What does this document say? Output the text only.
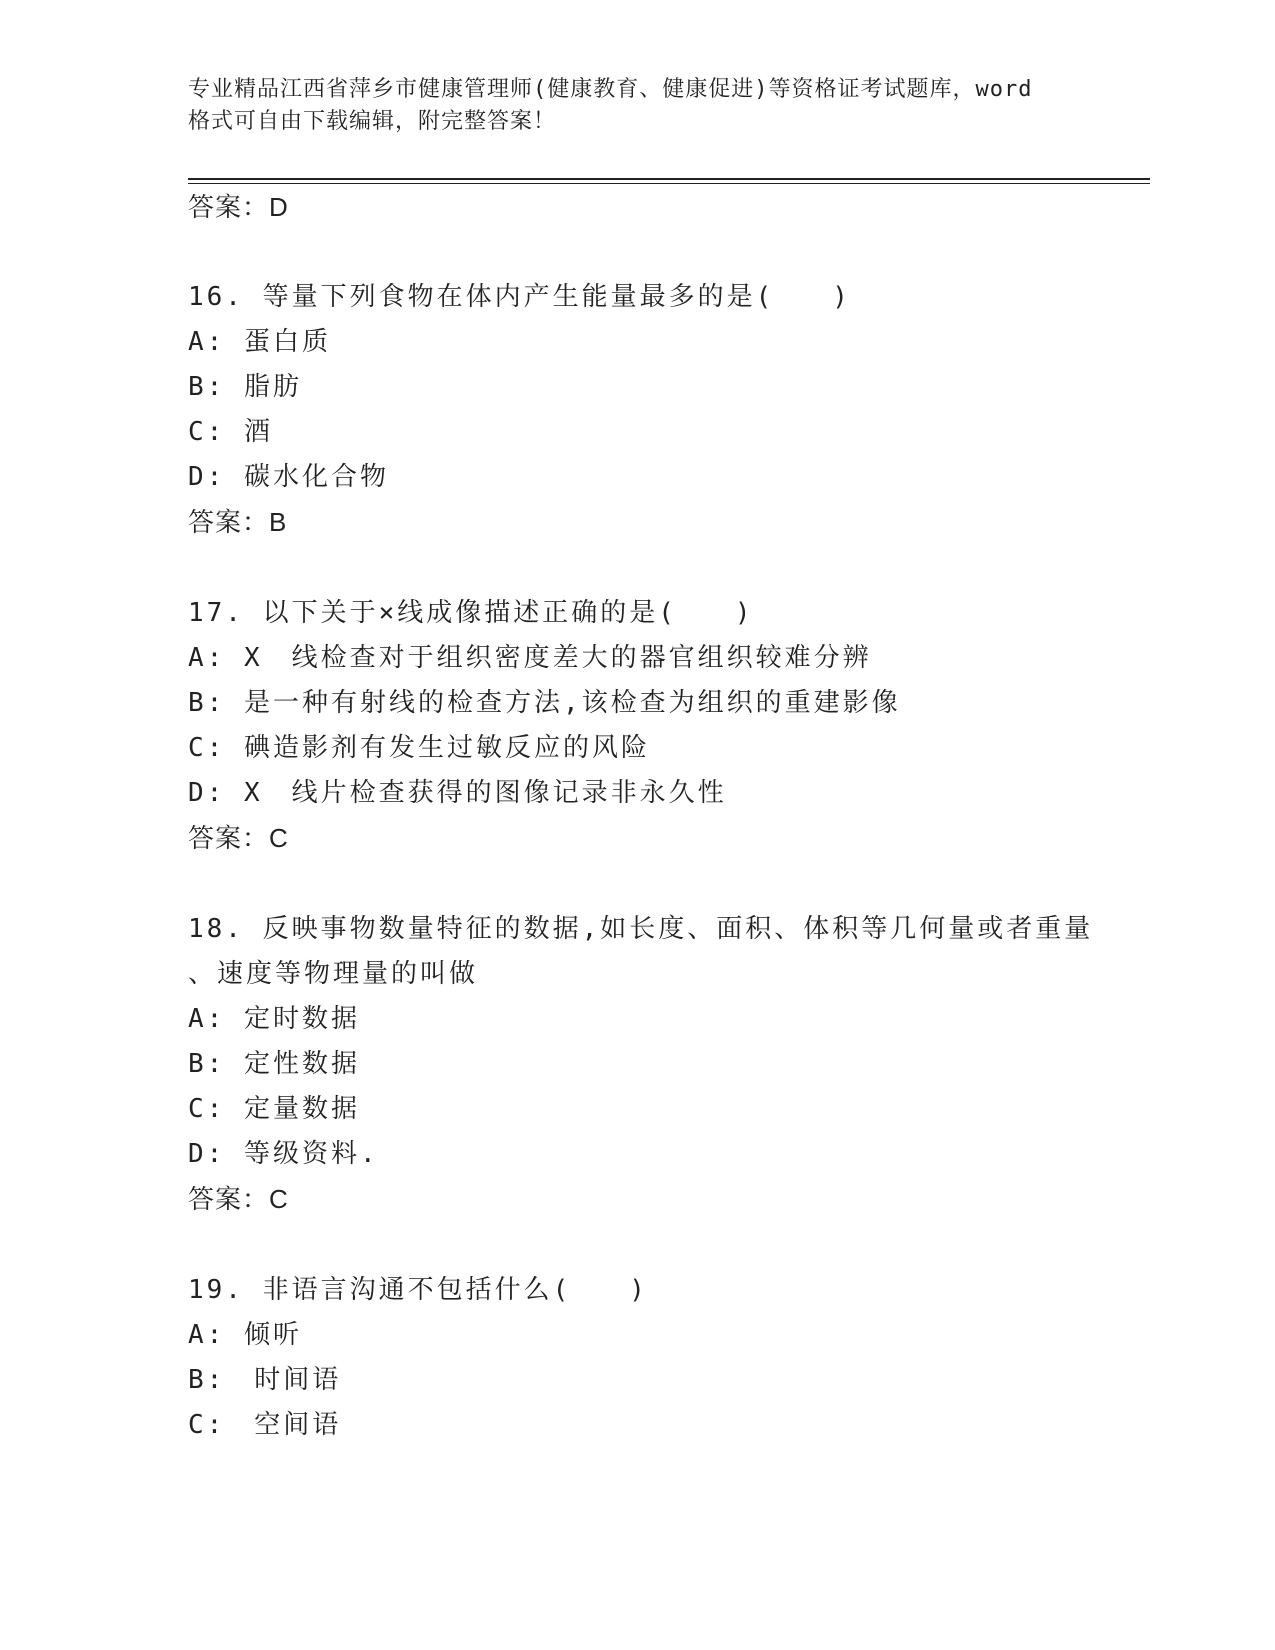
专业精品江西省萍乡市健康管理师(健康教育、健康促进)等资格证考试题库，word
格式可自由下载编辑，附完整答案！
答案：D
16. 等量下列食物在体内产生能量最多的是(　　)
A: 蛋白质
B: 脂肪
C: 酒
D: 碳水化合物
答案：B
17. 以下关于×线成像描述正确的是(　　)
A: X　线检查对于组织密度差大的器官组织较难分辨
B: 是一种有射线的检查方法,该检查为组织的重建影像
C: 碘造影剂有发生过敏反应的风险
D: X　线片检查获得的图像记录非永久性
答案：C
18. 反映事物数量特征的数据,如长度、面积、体积等几何量或者重量
、速度等物理量的叫做
A: 定时数据
B: 定性数据
C: 定量数据
D: 等级资料.
答案：C
19. 非语言沟通不包括什么(　　)
A: 倾听
B:　时间语
C:　空间语
